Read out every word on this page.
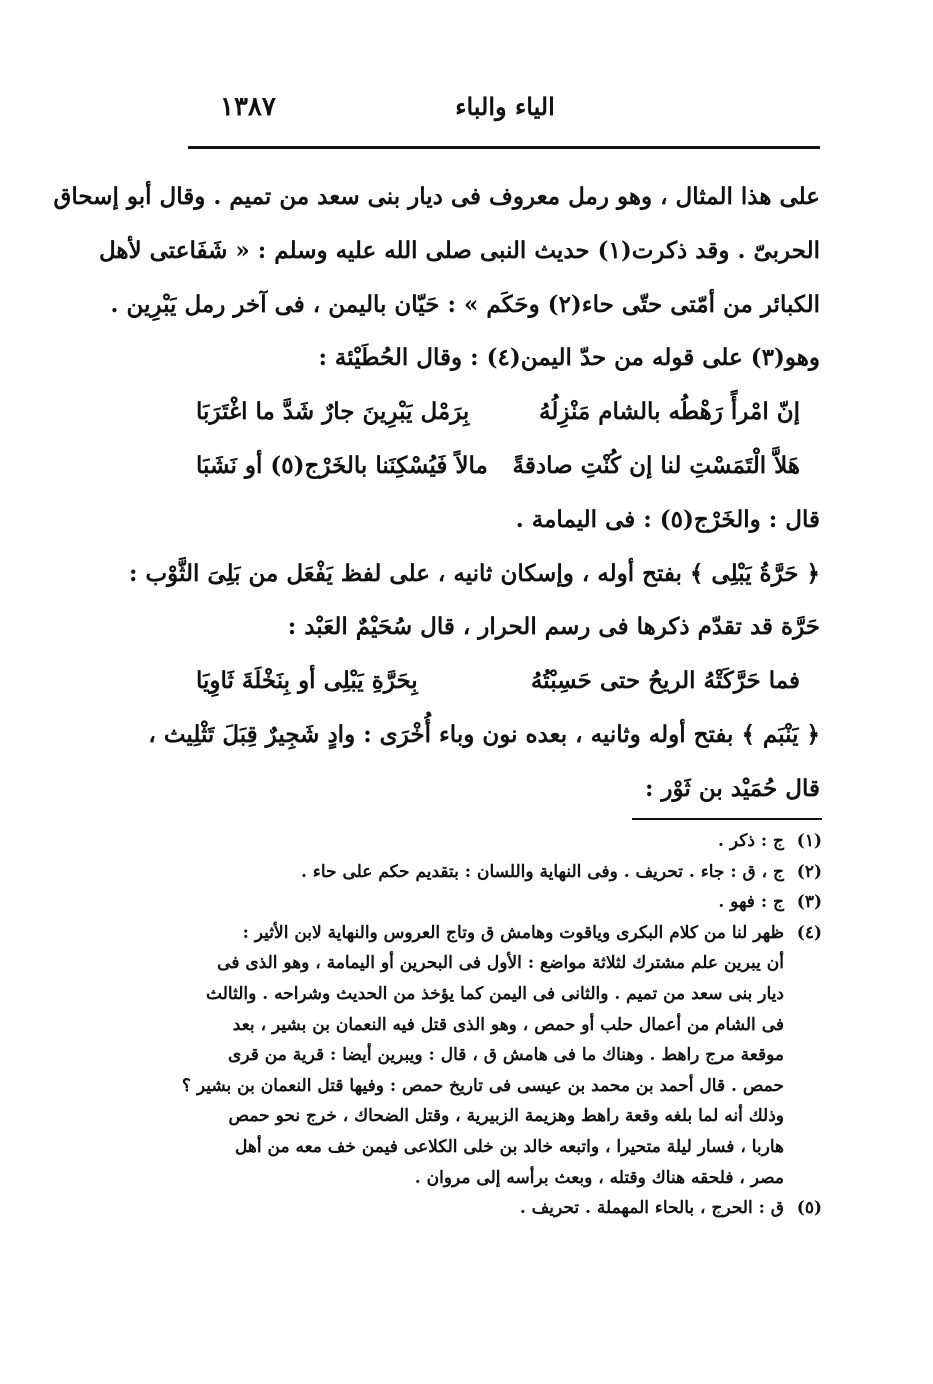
الياء والباء
١٣٨٧
على هذا المثال ، وهو رمل معروف فى ديار بنى سعد من تميم . وقال أبو إسحاق
الحربىّ . وقد ذكرت(١) حديث النبى صلى الله عليه وسلم : « شَفَاعتى لأهل
الكبائر من أمّتى حتّى حاء(٢) وحَكَم » : حَيّان باليمن ، فى آخر رمل يَبْرِين .
وهو(٣) على قوله من حدّ اليمن(٤) : وقال الحُطَيْئة :
إنّ امْرأً رَهْطُه بالشام مَنْزِلُهُ
بِرَمْل يَبْرِينَ جارٌ شَدَّ ما اغْتَرَبَا
هَلاَّ الْتَمَسْتِ لنا إن كُنْتِ صادقةً
مالاً فَيُسْكِنَنا بالخَرْج(٥) أو نَشَبَا
قال : والخَرْج(٥) : فى اليمامة .
﴿ حَرَّةُ يَبْلِى ﴾ بفتح أوله ، وإسكان ثانيه ، على لفظ يَفْعَل من بَلِىَ الثَّوْب :
حَرَّة قد تقدّم ذكرها فى رسم الحرار ، قال سُحَيْمٌ العَبْد :
فما حَرَّكَتْهُ الريحُ حتى حَسِبْتُهُ
بِحَرَّةِ يَبْلِى أو بِنَخْلَةَ ثَاوِيَا
﴿ يَنْبَم ﴾ بفتح أوله وثانيه ، بعده نون وباء أُخْرَى : وادٍ شَجِيرٌ قِبَلَ تَثْلِيث ،
قال حُمَيْد بن ثَوْر :
(١)
ج : ذكر .
(٢)
ج ، ق : جاء . تحريف . وفى النهاية واللسان : بتقديم حكم على حاء .
(٣)
ج : فهو .
(٤)
ظهر لنا من كلام البكرى وياقوت وهامش ق وتاج العروس والنهاية لابن الأثير :
أن يبرين علم مشترك لثلاثة مواضع : الأول فى البحرين أو اليمامة ، وهو الذى فى
ديار بنى سعد من تميم . والثانى فى اليمن كما يؤخذ من الحديث وشراحه . والثالث
فى الشام من أعمال حلب أو حمص ، وهو الذى قتل فيه النعمان بن بشير ، بعد
موقعة مرج راهط . وهناك ما فى هامش ق ، قال : ويبرين أيضا : قرية من قرى
حمص . قال أحمد بن محمد بن عيسى فى تاريخ حمص : وفيها قتل النعمان بن بشير ؟
وذلك أنه لما بلغه وقعة راهط وهزيمة الزبيرية ، وقتل الضحاك ، خرج نحو حمص
هاربا ، فسار ليلة متحيرا ، واتبعه خالد بن خلى الكلاعى فيمن خف معه من أهل
مصر ، فلحقه هناك وقتله ، وبعث برأسه إلى مروان .
(٥)
ق : الحرج ، بالحاء المهملة . تحريف .
